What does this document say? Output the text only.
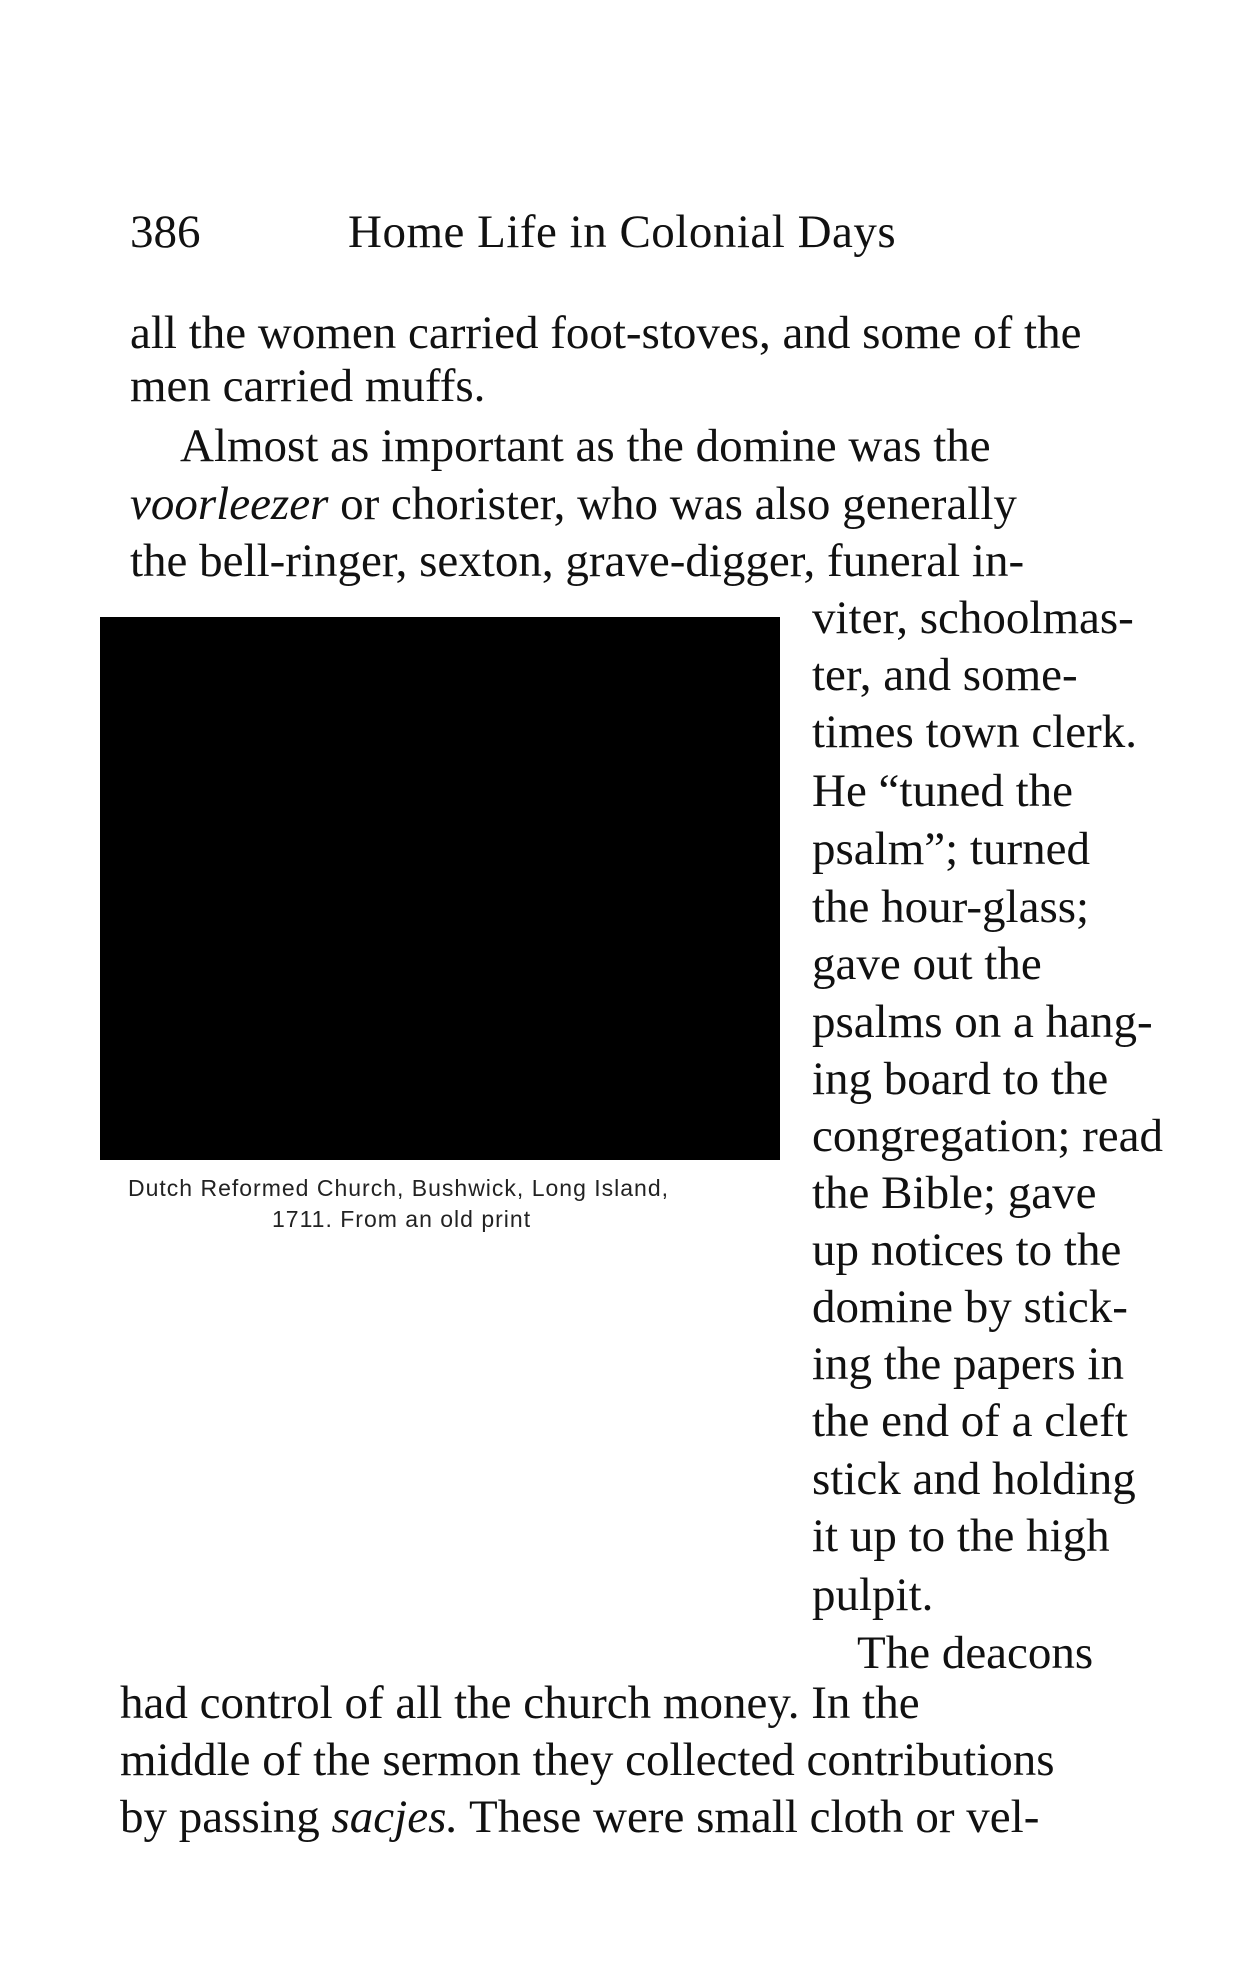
386	Home Life in Colonial Days
all the women carried foot-stoves, and some of the
men carried muffs.
Almost as important as the domine was the
voorleezer or chorister, who was also generally
the bell-ringer, sexton, grave-digger, funeral in-
Dutch Reformed Church, Bushwick, Long Island,
1711. From an old print
viter, schoolmas-
ter, and some-
times town clerk.
He “tuned the
psalm”; turned
the hour-glass;
gave out the
psalms on a hang-
ing board to the
congregation; read
the Bible; gave
up notices to the
domine by stick-
ing the papers in
the end of a cleft
stick and holding
it up to the high
pulpit.
The deacons
had control of all the church money. In the
middle of the sermon they collected contributions
by passing sacjes. These were small cloth or vel-
